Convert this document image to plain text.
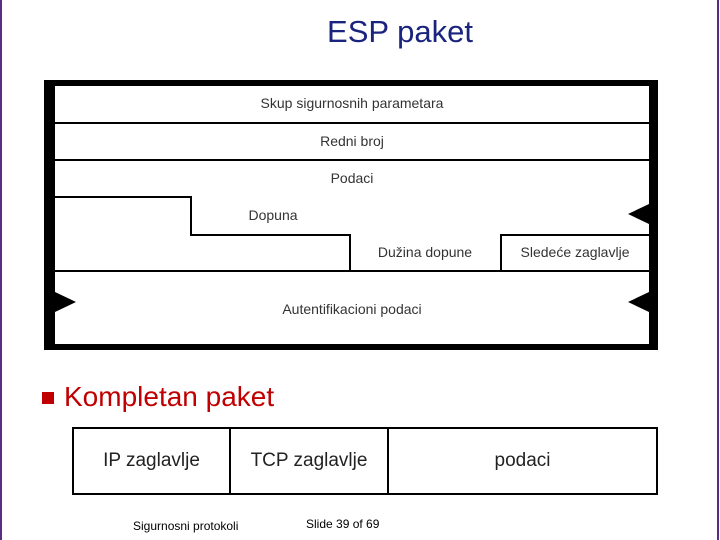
ESP paket
Skup sigurnosnih parametara
Redni broj
Podaci
Dopuna
Dužina dopune	Sledeće zaglavlje
Autentifikacioni podaci
Kompletan paket
IP zaglavlje	TCP zaglavlje	podaci
Sigurnosni protokoli	Slide 39 of 69
